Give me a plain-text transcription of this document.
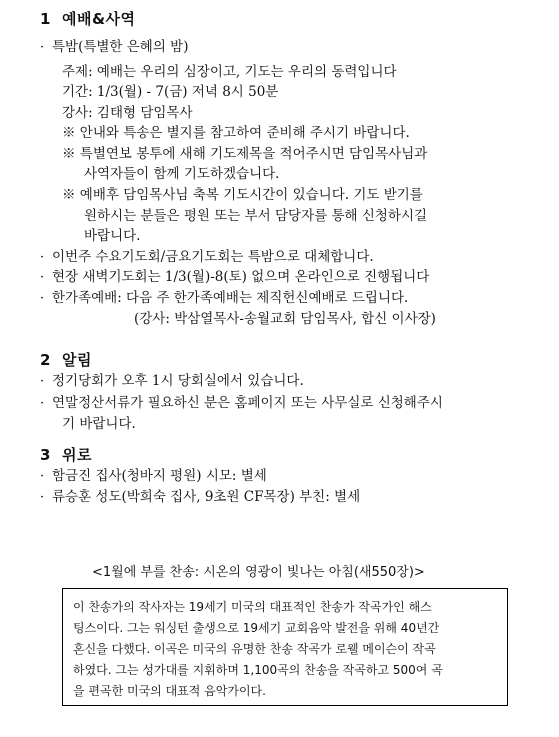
1 예배&사역
· 특밤(특별한 은혜의 밤)
주제: 예배는 우리의 심장이고, 기도는 우리의 동력입니다
기간: 1/3(월) - 7(금) 저녁 8시 50분
강사: 김태형 담임목사
※ 안내와 특송은 별지를 참고하여 준비해 주시기 바랍니다.
※ 특별연보 봉투에 새해 기도제목을 적어주시면 담임목사님과
사역자들이 함께 기도하겠습니다.
※ 예배후 담임목사님 축복 기도시간이 있습니다. 기도 받기를
원하시는 분들은 평원 또는 부서 담당자를 통해 신청하시길
바랍니다.
· 이번주 수요기도회/금요기도회는 특밤으로 대체합니다.
· 현장 새벽기도회는 1/3(월)-8(토) 없으며 온라인으로 진행됩니다
· 한가족예배: 다음 주 한가족예배는 제직헌신예배로 드립니다.
(강사: 박삼열목사-송월교회 담임목사, 합신 이사장)
2 알림
· 정기당회가 오후 1시 당회실에서 있습니다.
· 연말정산서류가 필요하신 분은 홈페이지 또는 사무실로 신청해주시
기 바랍니다.
3 위로
· 함금진 집사(청바지 평원) 시모: 별세
· 류승훈 성도(박희숙 집사, 9초원 CF목장) 부친: 별세
<1월에 부를 찬송: 시온의 영광이 빛나는 아침(새550장)>
이 찬송가의 작사자는 19세기 미국의 대표적인 찬송가 작곡가인 해스
팅스이다. 그는 워싱턴 출생으로 19세기 교회음악 발전을 위해 40년간
혼신을 다했다. 이곡은 미국의 유명한 찬송 작곡가 로웰 메이슨이 작곡
하였다. 그는 성가대를 지휘하며 1,100곡의 찬송을 작곡하고 500여 곡
을 편곡한 미국의 대표적 음악가이다.
